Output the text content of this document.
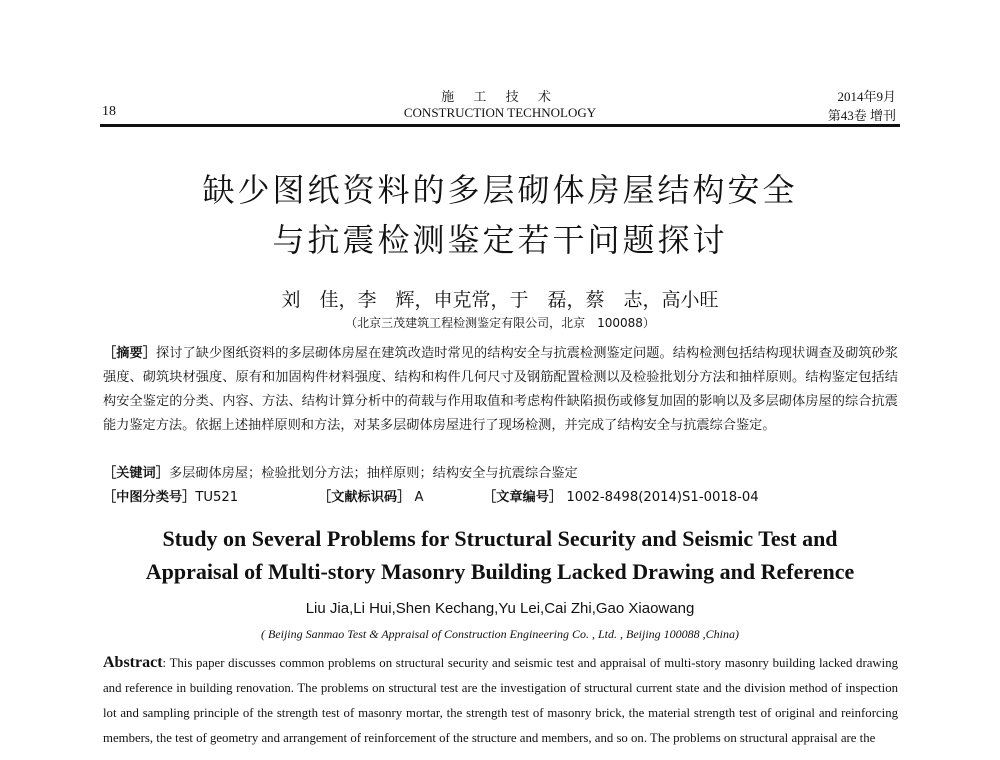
18
施 工 技 术
CONSTRUCTION TECHNOLOGY
2014年9月
第43卷 增刊
缺少图纸资料的多层砌体房屋结构安全
与抗震检测鉴定若干问题探讨
刘　佳，李　辉，申克常，于　磊，蔡　志，高小旺
（北京三茂建筑工程检测鉴定有限公司，北京　100088）
［摘要］探讨了缺少图纸资料的多层砌体房屋在建筑改造时常见的结构安全与抗震检测鉴定问题。结构检测包括结构现状调查及砌筑砂浆强度、砌筑块材强度、原有和加固构件材料强度、结构和构件几何尺寸及钢筋配置检测以及检验批划分方法和抽样原则。结构鉴定包括结构安全鉴定的分类、内容、方法、结构计算分析中的荷载与作用取值和考虑构件缺陷损伤或修复加固的影响以及多层砌体房屋的综合抗震能力鉴定方法。依据上述抽样原则和方法，对某多层砌体房屋进行了现场检测，并完成了结构安全与抗震综合鉴定。
［关键词］多层砌体房屋；检验批划分方法；抽样原则；结构安全与抗震综合鉴定
［中图分类号］TU521	［文献标识码］ A	［文章编号］ 1002-8498(2014)S1-0018-04
Study on Several Problems for Structural Security and Seismic Test and
Appraisal of Multi-story Masonry Building Lacked Drawing and Reference
Liu Jia,Li Hui,Shen Kechang,Yu Lei,Cai Zhi,Gao Xiaowang
( Beijing Sanmao Test & Appraisal of Construction Engineering Co. , Ltd. , Beijing 100088 ,China)
Abstract: This paper discusses common problems on structural security and seismic test and appraisal of multi-story masonry building lacked drawing and reference in building renovation. The problems on structural test are the investigation of structural current state and the division method of inspection lot and sampling principle of the strength test of masonry mortar, the strength test of masonry brick, the material strength test of original and reinforcing members, the test of geometry and arrangement of reinforcement of the structure and members, and so on. The problems on structural appraisal are the
